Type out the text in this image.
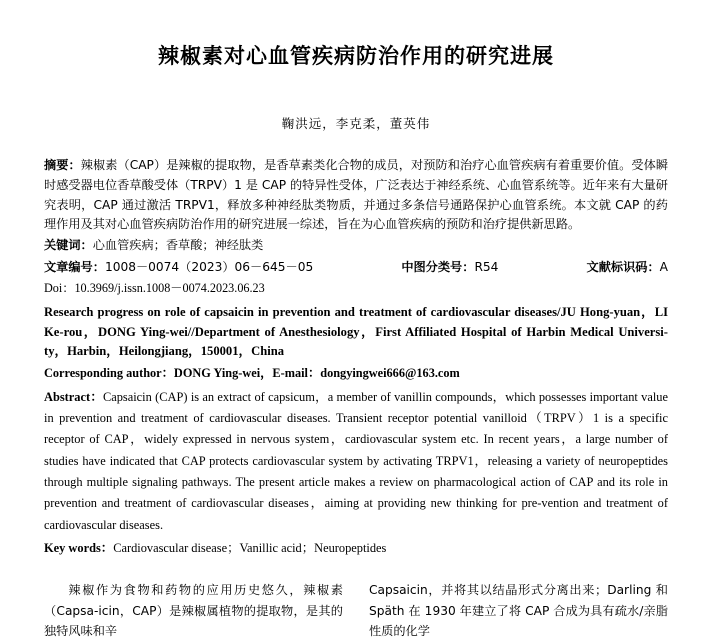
辣椒素对心血管疾病防治作用的研究进展
鞠洪远，李克柔，董英伟
摘要：辣椒素（CAP）是辣椒的提取物，是香草素类化合物的成员，对预防和治疗心血管疾病有着重要价值。受体瞬时感受器电位香草酸受体（TRPV）1 是 CAP 的特异性受体，广泛表达于神经系统、心血管系统等。近年来有大量研究表明，CAP 通过激活 TRPV1，释放多种神经肽类物质，并通过多条信号通路保护心血管系统。本文就 CAP 的药理作用及其对心血管疾病防治作用的研究进展一综述，旨在为心血管疾病的预防和治疗提供新思路。
关键词：心血管疾病；香草酸；神经肽类
文章编号：1008－0074（2023）06－645－05	中图分类号：R54	文献标识码：A
Doi：10.3969/j.issn.1008－0074.2023.06.23
Research progress on role of capsaicin in prevention and treatment of cardiovascular diseases/JU Hong-yuan，LI Ke-rou，DONG Ying-wei//Department of Anesthesiology，First Affiliated Hospital of Harbin Medical Universi-ty，Harbin，Heilongjiang，150001，China
Corresponding author：DONG Ying-wei，E-mail：dongyingwei666@163.com
Abstract：Capsaicin (CAP) is an extract of capsicum，a member of vanillin compounds，which possesses important value in prevention and treatment of cardiovascular diseases. Transient receptor potential vanilloid（TRPV）1 is a specific receptor of CAP，widely expressed in nervous system，cardiovascular system etc. In recent years，a large number of studies have indicated that CAP protects cardiovascular system by activating TRPV1，releasing a variety of neuropeptides through multiple signaling pathways. The present article makes a review on pharmacological action of CAP and its role in prevention and treatment of cardiovascular diseases，aiming at providing new thinking for pre-vention and treatment of cardiovascular diseases.
Key words：Cardiovascular disease；Vanillic acid；Neuropeptides
辣椒作为食物和药物的应用历史悠久，辣椒素（Capsa-icin，CAP）是辣椒属植物的提取物，是其的独特风味和辛
Capsaicin，并将其以结晶形式分离出来；Darling 和 Späth 在 1930 年建立了将 CAP 合成为具有疏水/亲脂性质的化学
